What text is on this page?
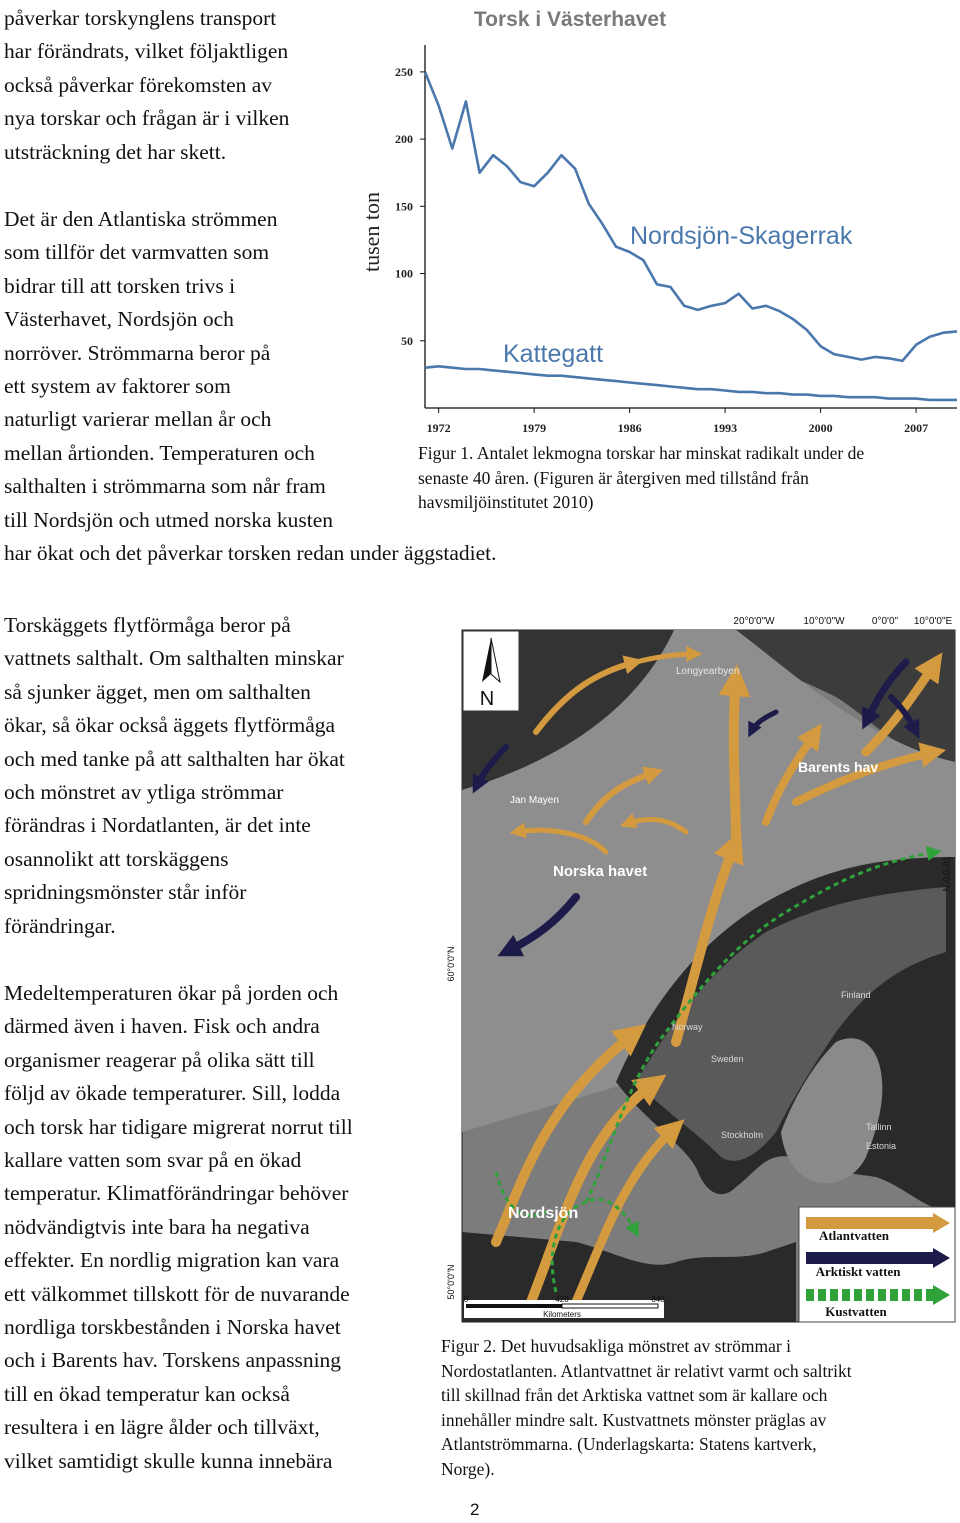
påverkar torskynglens transport
har förändrats, vilket följaktligen
också påverkar förekomsten av
nya torskar och frågan är i vilken
utsträckning det har skett.
Det är den Atlantiska strömmen
som tillför det varmvatten som
bidrar till att torsken trivs i
Västerhavet, Nordsjön och
norröver. Strömmarna beror på
ett system av faktorer som
naturligt varierar mellan år och
mellan årtionden. Temperaturen och
salthalten i strömmarna som når fram
till Nordsjön och utmed norska kusten
har ökat och det påverkar torsken redan under äggstadiet.
Torskäggets flytförmåga beror på
vattnets salthalt. Om salthalten minskar
så sjunker ägget, men om salthalten
ökar, så ökar också äggets flytförmåga
och med tanke på att salthalten har ökat
och mönstret av ytliga strömmar
förändras i Nordatlanten, är det inte
osannolikt att torskäggens
spridningsmönster står inför
förändringar.
Medeltemperaturen ökar på jorden och
därmed även i haven. Fisk och andra
organismer reagerar på olika sätt till
följd av ökade temperaturer. Sill, lodda
och torsk har tidigare migrerat norrut till
kallare vatten som svar på en ökad
temperatur. Klimatförändringar behöver
nödvändigtvis inte bara ha negativa
effekter. En nordlig migration kan vara
ett välkommet tillskott för de nuvarande
nordliga torskbestånden i Norska havet
och i Barents hav. Torskens anpassning
till en ökad temperatur kan också
resultera i en lägre ålder och tillväxt,
vilket samtidigt skulle kunna innebära
Torsk i Västerhavet
tusen ton
50
100
150
200
250
1972	1979	1986	1993	2000	2007
Nordsjön-Skagerrak
Kattegatt
Figur 1. Antalet lekmogna torskar har minskat radikalt under de
senaste 40 åren. (Figuren är återgiven med tillstånd från
havsmiljöinstitutet 2010)
N
Longyearbyen
Barents hav
Jan Mayen
Norska havet
Nordsjön
Finland
Norway
Sweden
Stockholm
Tallinn
Estonia
20°0'0"W	10°0'0"W	0°0'0" 10°0'0"E
70°0'0"N
60°0'0"N
50°0'0"N 0	420	840
Kilometers
Atlantvatten
Arktiskt vatten
Kustvatten
Figur 2. Det huvudsakliga mönstret av strömmar i
Nordostatlanten. Atlantvattnet är relativt varmt och saltrikt
till skillnad från det Arktiska vattnet som är kallare och
innehåller mindre salt. Kustvattnets mönster präglas av
Atlantströmmarna. (Underlagskarta: Statens kartverk,
Norge).
2
